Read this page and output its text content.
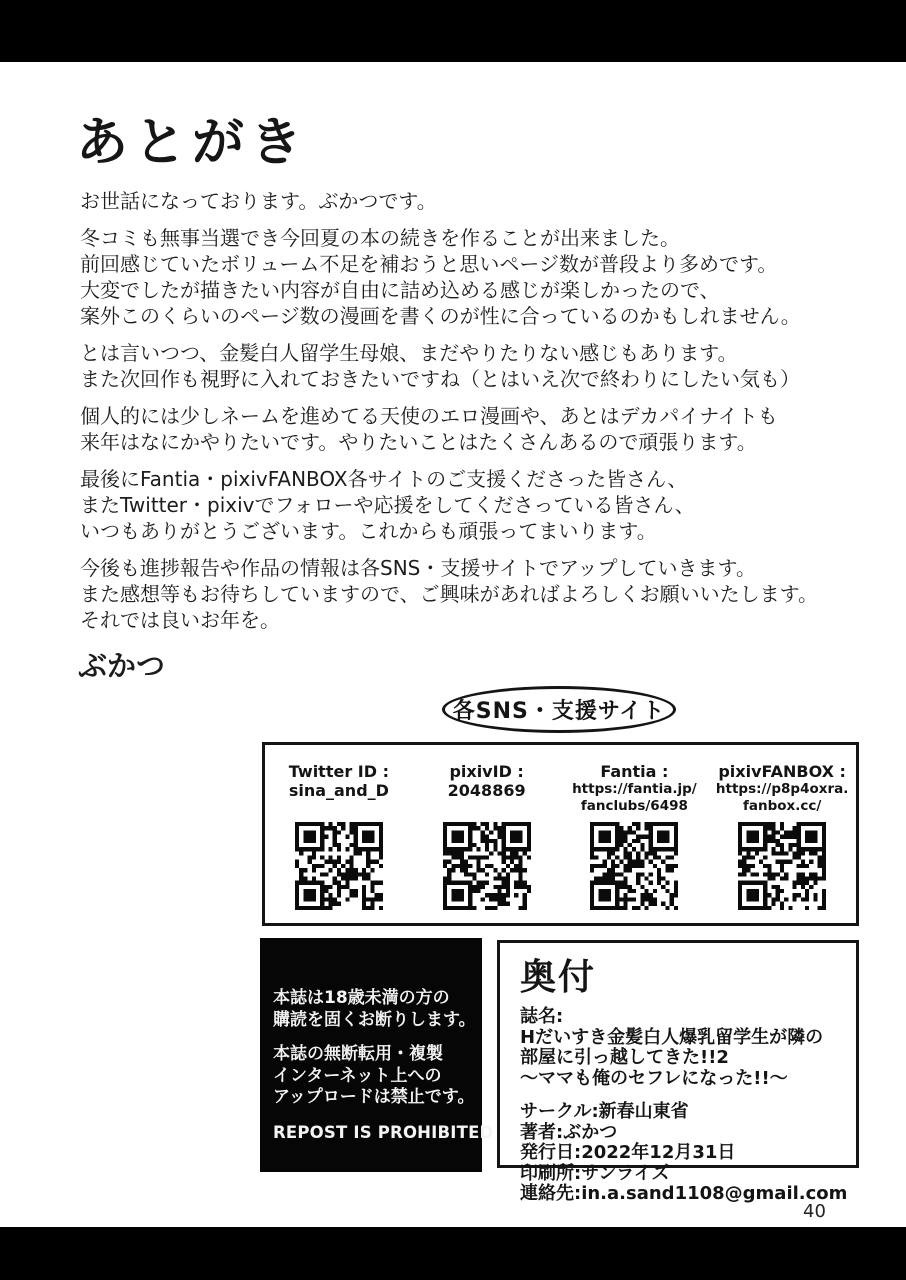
あとがき
お世話になっております。ぶかつです。
冬コミも無事当選でき今回夏の本の続きを作ることが出来ました。
前回感じていたボリューム不足を補おうと思いページ数が普段より多めです。
大変でしたが描きたい内容が自由に詰め込める感じが楽しかったので、
案外このくらいのページ数の漫画を書くのが性に合っているのかもしれません。
とは言いつつ、金髪白人留学生母娘、まだやりたりない感じもあります。
また次回作も視野に入れておきたいですね（とはいえ次で終わりにしたい気も）
個人的には少しネームを進めてる天使のエロ漫画や、あとはデカパイナイトも
来年はなにかやりたいです。やりたいことはたくさんあるので頑張ります。
最後にFantia・pixivFANBOX各サイトのご支援くださった皆さん、
またTwitter・pixivでフォローや応援をしてくださっている皆さん、
いつもありがとうございます。これからも頑張ってまいります。
今後も進捗報告や作品の情報は各SNS・支援サイトでアップしていきます。
また感想等もお待ちしていますので、ご興味があればよろしくお願いいたします。
それでは良いお年を。
ぶかつ
各SNS・支援サイト
Twitter ID :
sina_and_D
pixivID :
2048869
Fantia :
https://fantia.jp/
fanclubs/6498
pixivFANBOX :
https://p8p4oxra.
fanbox.cc/
本誌は18歳未満の方の
購読を固くお断りします。
本誌の無断転用・複製
インターネット上への
アップロードは禁止です。
REPOST IS PROHIBITED
奥付
誌名:
Hだいすき金髪白人爆乳留学生が隣の
部屋に引っ越してきた!!2
～ママも俺のセフレになった!!～
サークル:新春山東省
著者:ぶかつ
発行日:2022年12月31日
印刷所:サンライズ
連絡先:in.a.sand1108@gmail.com
40
